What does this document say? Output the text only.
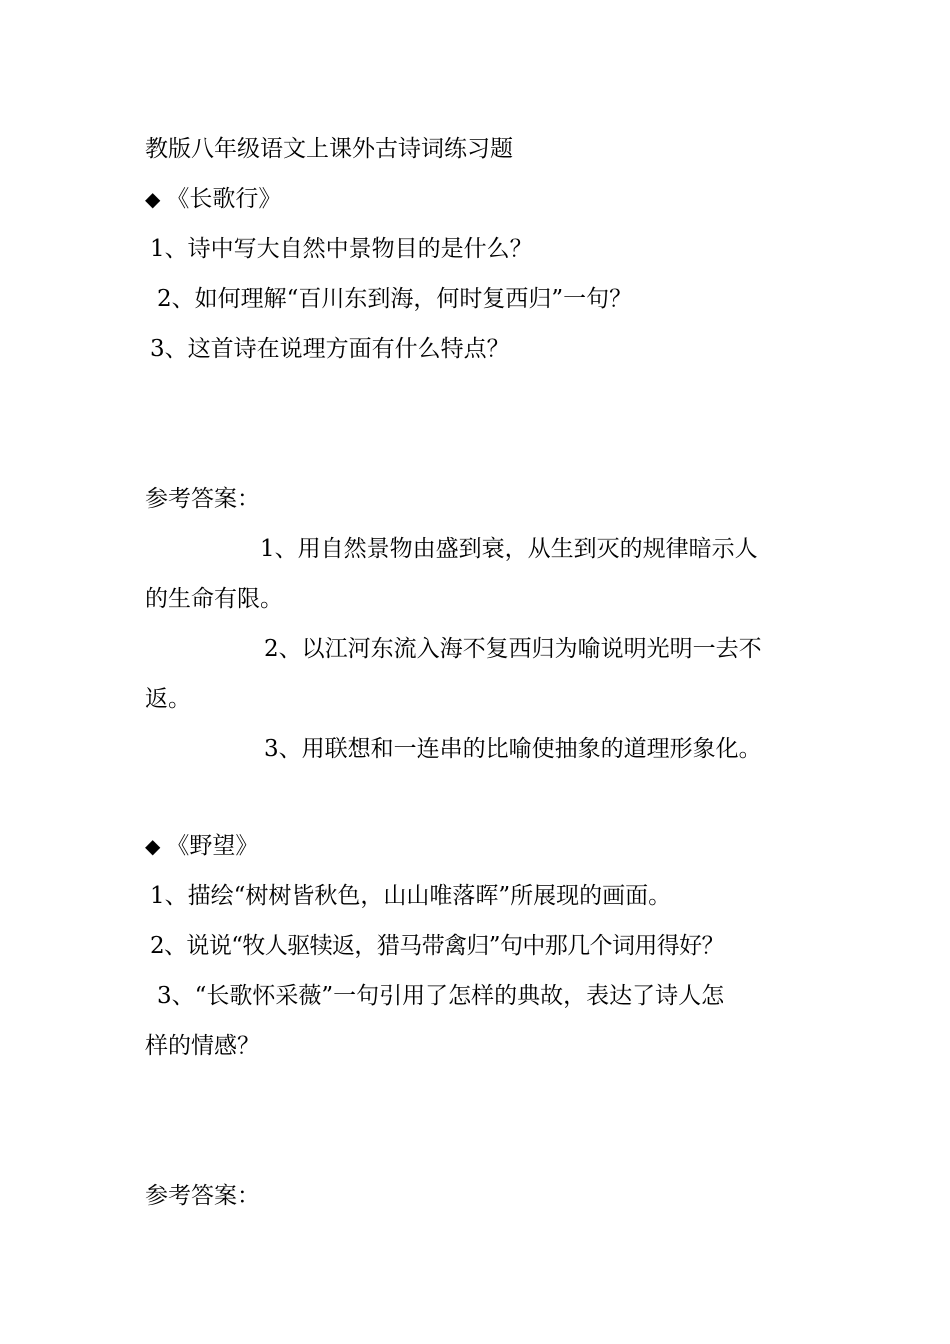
教版八年级语文上课外古诗词练习题
◆ 《长歌行》
1、诗中写大自然中景物目的是什么？
2、如何理解“百川东到海，何时复西归”一句？
3、这首诗在说理方面有什么特点？
参考答案：
1、用自然景物由盛到衰，从生到灭的规律暗示人
的生命有限。
2、以江河东流入海不复西归为喻说明光明一去不
返。
3、用联想和一连串的比喻使抽象的道理形象化。
◆ 《野望》
1、描绘“树树皆秋色，山山唯落晖”所展现的画面。
2、说说“牧人驱犊返，猎马带禽归”句中那几个词用得好？
3、“长歌怀采薇”一句引用了怎样的典故，表达了诗人怎
样的情感？
参考答案：
